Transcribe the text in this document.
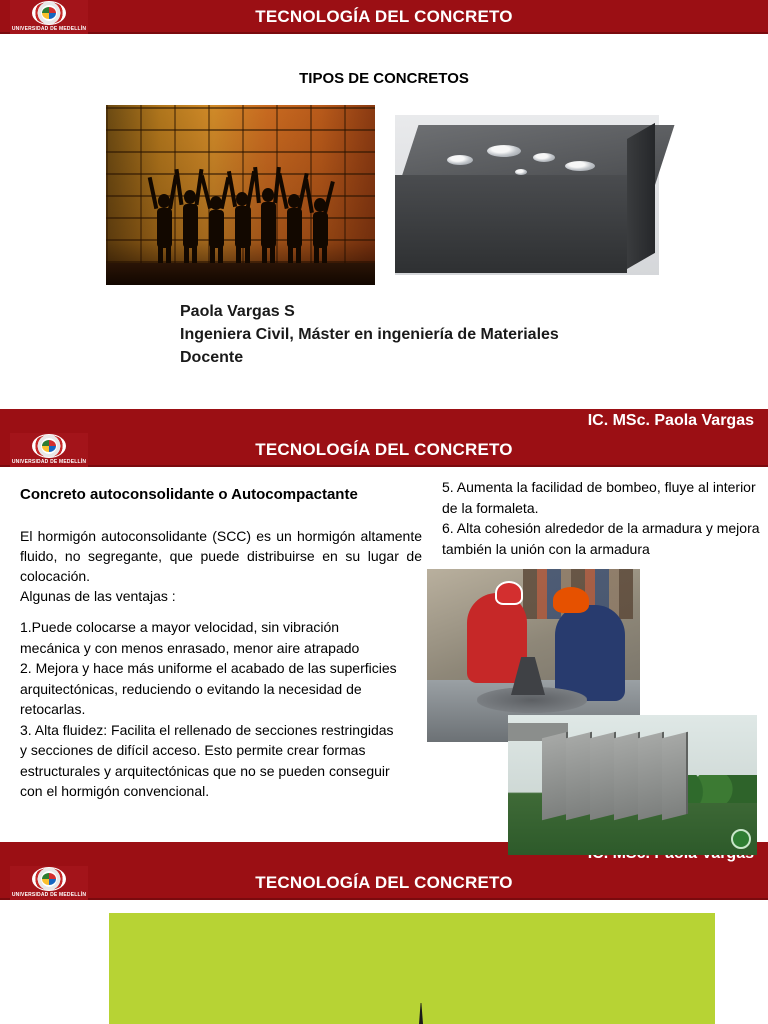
UNIVERSIDAD DE MEDELLÍN
TECNOLOGÍA DEL CONCRETO
TIPOS DE CONCRETOS
Paola Vargas S
Ingeniera Civil, Máster en ingeniería de Materiales
Docente
IC. MSc. Paola Vargas
UNIVERSIDAD DE MEDELLÍN
TECNOLOGÍA DEL CONCRETO
Concreto autoconsolidante o Autocompactante

El hormigón autoconsolidante (SCC) es un hormigón altamente fluido, no segregante, que puede distribuirse en su lugar de colocación.

Algunas de las ventajas :

1.Puede colocarse a mayor velocidad, sin vibración mecánica y con menos enrasado, menor aire atrapado

2. Mejora y hace más uniforme el acabado de las superficies arquitectónicas, reduciendo o evitando la necesidad de retocarlas.

3. Alta fluidez: Facilita el rellenado de secciones restringidas y secciones de difícil acceso. Esto permite crear formas estructurales y arquitectónicas que no se pueden conseguir con el hormigón convencional.

5. Aumenta la facilidad de bombeo, fluye al interior de la formaleta.

6. Alta cohesión alrededor de la armadura y mejora también la unión con la armadura

UNIVERSIDAD DE MEDELLÍN
TECNOLOGÍA DEL CONCRETO
